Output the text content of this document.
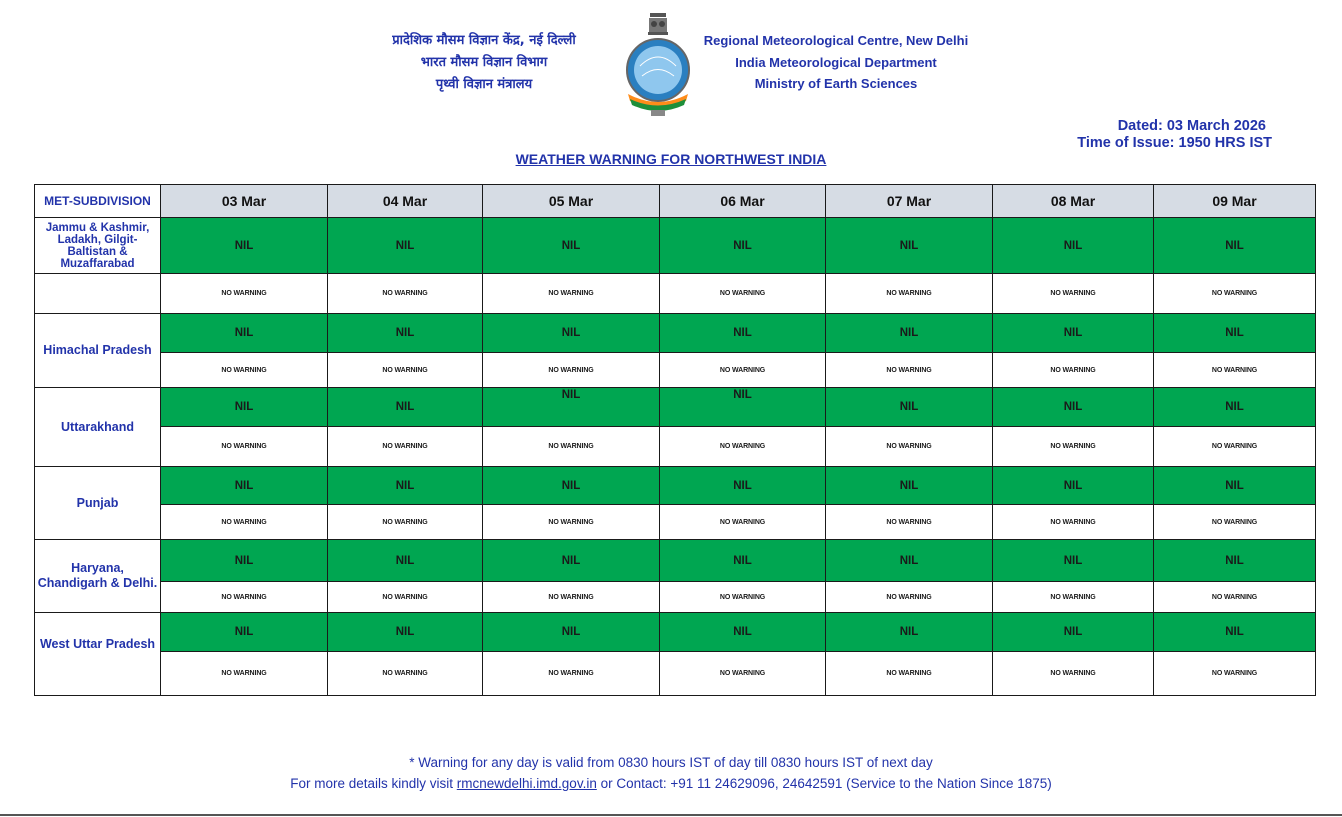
प्रादेशिक मौसम विज्ञान केंद्र, नई दिल्ली
भारत मौसम विज्ञान विभाग
पृथ्वी विज्ञान मंत्रालय
Regional Meteorological Centre, New Delhi
India Meteorological Department
Ministry of Earth Sciences
Dated: 03 March 2026
Time of Issue: 1950 HRS IST
WEATHER WARNING FOR NORTHWEST INDIA
MET-SUBDIVISION	03 Mar	04 Mar	05 Mar	06 Mar	07 Mar	08 Mar	09 Mar
Jammu & Kashmir, Ladakh, Gilgit-Baltistan & Muzaffarabad	NIL	NIL	NIL	NIL	NIL	NIL	NIL
	NO WARNING	NO WARNING	NO WARNING	NO WARNING	NO WARNING	NO WARNING	NO WARNING
Himachal Pradesh	NIL	NIL	NIL	NIL	NIL	NIL	NIL
	NO WARNING	NO WARNING	NO WARNING	NO WARNING	NO WARNING	NO WARNING	NO WARNING
Uttarakhand	NIL	NIL	NIL	NIL	NIL	NIL	NIL
	NO WARNING	NO WARNING	NO WARNING	NO WARNING	NO WARNING	NO WARNING	NO WARNING
Punjab	NIL	NIL	NIL	NIL	NIL	NIL	NIL
	NO WARNING	NO WARNING	NO WARNING	NO WARNING	NO WARNING	NO WARNING	NO WARNING
Haryana, Chandigarh & Delhi.	NIL	NIL	NIL	NIL	NIL	NIL	NIL
	NO WARNING	NO WARNING	NO WARNING	NO WARNING	NO WARNING	NO WARNING	NO WARNING
West Uttar Pradesh	NIL	NIL	NIL	NIL	NIL	NIL	NIL
	NO WARNING	NO WARNING	NO WARNING	NO WARNING	NO WARNING	NO WARNING	NO WARNING
* Warning for any day is valid from 0830 hours IST of day till 0830 hours IST of next day
For more details kindly visit rmcnewdelhi.imd.gov.in or Contact: +91 11 24629096, 24642591 (Service to the Nation Since 1875)
